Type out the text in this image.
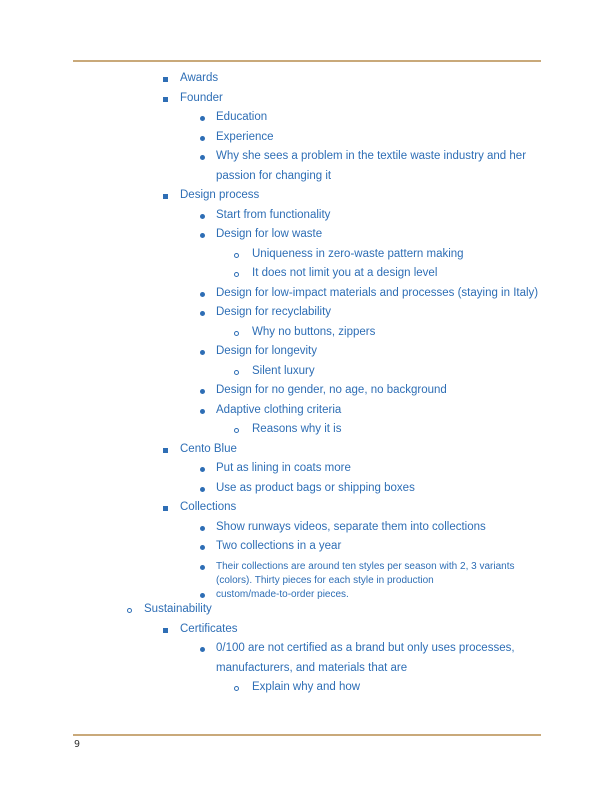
Awards
Founder
Education
Experience
Why she sees a problem in the textile waste industry and her
passion for changing it
Design process
Start from functionality
Design for low waste
Uniqueness in zero-waste pattern making
It does not limit you at a design level
Design for low-impact materials and processes (staying in Italy)
Design for recyclability
Why no buttons, zippers
Design for longevity
Silent luxury
Design for no gender, no age, no background
Adaptive clothing criteria
Reasons why it is
Cento Blue
Put as lining in coats more
Use as product bags or shipping boxes
Collections
Show runways videos, separate them into collections
Two collections in a year
Their collections are around ten styles per season with 2, 3 variants
(colors). Thirty pieces for each style in production
custom/made-to-order pieces.
Sustainability
Certificates
0/100 are not certified as a brand but only uses processes,
manufacturers, and materials that are
Explain why and how
9
